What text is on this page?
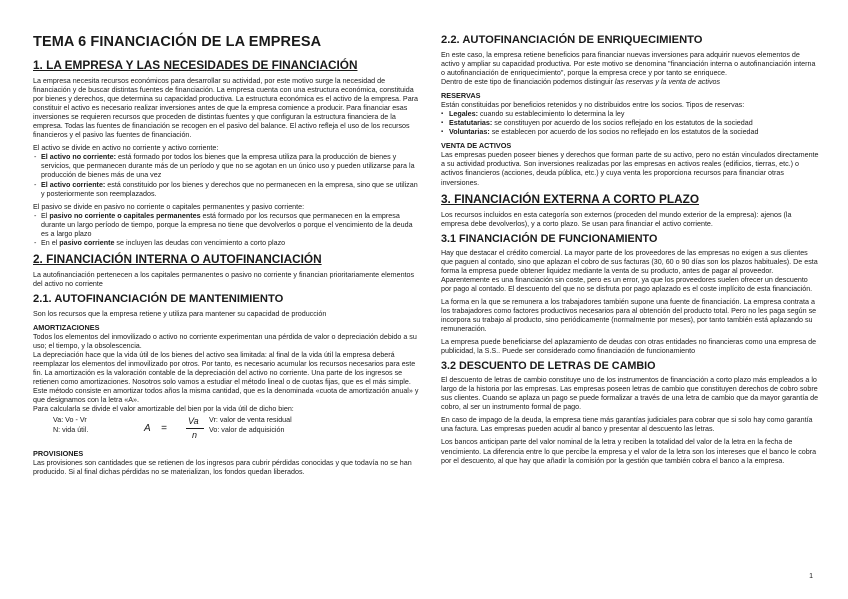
TEMA 6 FINANCIACIÓN DE LA EMPRESA
1. LA EMPRESA Y LAS NECESIDADES DE FINANCIACIÓN

La empresa necesita recursos económicos para desarrollar su actividad, por este motivo surge la necesidad de financiación y de buscar distintas fuentes de financiación. La empresa cuenta con una estructura económica, constituida por bienes y derechos, que determina su capacidad productiva. La estructura económica es el activo de la empresa. Para constituir el activo es necesario realizar inversiones antes de que la empresa comience a producir. Para financiar esas inversiones se requieren recursos que proceden de distintas fuentes y que configuran la estructura financiera de la empresa. Todas las fuentes de financiación se recogen en el pasivo del balance. El activo refleja el uso de los recursos financieros y el pasivo las fuentes de financiación.

El activo se divide en activo no corriente y activo corriente:

- El activo no corriente: está formado por todos los bienes que la empresa utiliza para la producción de bienes y servicios, que permanecen durante más de un período y que no se agotan en un único uso y pueden utilizarse para la producción de bienes más de una vez
- El activo corriente: está constituido por los bienes y derechos que no permanecen en la empresa, sino que se utilizan y posteriormente son reemplazados.

El pasivo se divide en pasivo no corriente o capitales permanentes y pasivo corriente:

- El pasivo no corriente o capitales permanentes está formado por los recursos que permanecen en la empresa durante un largo período de tiempo, porque la empresa no tiene que devolverlos o porque el vencimiento de la deuda es a largo plazo
- En el pasivo corriente se incluyen las deudas con vencimiento a corto plazo
2. FINANCIACIÓN INTERNA O AUTOFINANCIACIÓN

La autofinanciación pertenecen a los capitales permanentes o pasivo no corriente y financian prioritariamente elementos del activo no corriente

2.1. AUTOFINANCIACIÓN DE MANTENIMIENTO

Son los recursos que la empresa retiene y utiliza para mantener su capacidad de producción

AMORTIZACIONES

Todos los elementos del inmovilizado o activo no corriente experimentan una pérdida de valor o depreciación debido a su uso; el tiempo, y la obsolescencia.

La depreciación hace que la vida útil de los bienes del activo sea limitada: al final de la vida útil la empresa deberá reemplazar los elementos del inmovilizado por otros. Por tanto, es necesario acumular los recursos necesarios para este fin. La amortización es la valoración contable de la depreciación del activo no corriente. Una parte de los ingresos se retienen como amortizaciones. Nosotros solo vamos a estudiar el método lineal o de cuotas fijas, que es el más simple.

Este método consiste en amortizar todos años la misma cantidad, que es la denominada «cuota de amortización anual» y que designamos con la letra «A».

Para calcularla se divide el valor amortizable del bien por la vida útil de dicho bien:

Va: Vo - Vr
N: vida útil.	A =
Va
n
Vr: valor de venta residual
Vo: valor de adquisición
PROVISIONES

Las provisiones son cantidades que se retienen de los ingresos para cubrir pérdidas conocidas y que todavía no se han producido. Si al final dichas pérdidas no se materializan, los fondos quedan liberados.

2.2. AUTOFINANCIACIÓN DE ENRIQUECIMIENTO

En este caso, la empresa retiene beneficios para financiar nuevas inversiones para adquirir nuevos elementos de activo y ampliar su capacidad productiva. Por este motivo se denomina "financiación interna o autofinanciación interna o autofinanciación de enriquecimiento", porque la empresa crece y por tanto se enriquece.

Dentro de este tipo de financiación podemos distinguir las reservas y la venta de activos

RESERVAS

Están constituidas por beneficios retenidos y no distribuidos entre los socios. Tipos de reservas:

▪ Legales: cuando su establecimiento lo determina la ley
▪ Estatutarias: se constituyen por acuerdo de los socios reflejado en los estatutos de la sociedad
▪ Voluntarias: se establecen por acuerdo de los socios no reflejado en los estatutos de la sociedad
VENTA DE ACTIVOS

Las empresas pueden poseer bienes y derechos que forman parte de su activo, pero no están vinculados directamente a su actividad productiva. Son inversiones realizadas por las empresas en activos reales (edificios, tierras, etc.) o activos financieros (acciones, deuda pública, etc.) y cuya venta les proporciona recursos para financiar otras inversiones.

3. FINANCIACIÓN EXTERNA A CORTO PLAZO

Los recursos incluidos en esta categoría son externos (proceden del mundo exterior de la empresa): ajenos (la empresa debe devolverlos), y a corto plazo. Se usan para financiar el activo corriente.

3.1 FINANCIACIÓN DE FUNCIONAMIENTO

Hay que destacar el crédito comercial. La mayor parte de los proveedores de las empresas no exigen a sus clientes que paguen al contado, sino que aplazan el cobro de sus facturas (30, 60 o 90 días son los plazos habituales). De esta forma la empresa puede obtener liquidez mediante la venta de su producto, antes de pagar al proveedor. Aparentemente es una financiación sin coste, pero es un error, ya que los proveedores suelen ofrecer un descuento por pago al contado. El descuento del que no se disfruta por pago aplazado es el coste implícito de esta financiación.

La forma en la que se remunera a los trabajadores también supone una fuente de financiación. La empresa contrata a los trabajadores como factores productivos necesarios para al obtención del producto total. Pero no les paga según se incorpora su trabajo al producto, sino periódicamente (normalmente por meses), por tanto también está aplazando su remuneración.

La empresa puede beneficiarse del aplazamiento de deudas con otras entidades no financieras como una empresa de publicidad, la S.S.. Puede ser considerado como financiación de funcionamiento

3.2 DESCUENTO DE LETRAS DE CAMBIO

El descuento de letras de cambio constituye uno de los instrumentos de financiación a corto plazo más empleados a lo largo de la historia por las empresas. Las empresas poseen letras de cambio que constituyen derechos de cobro sobre sus clientes. Cuando se aplaza un pago se puede formalizar a través de una letra de cambio que da mayor garantía de cobro, al ser un instrumento formal de pago.

En caso de impago de la deuda, la empresa tiene más garantías judiciales para cobrar que si solo hay como garantía una factura. Las empresas pueden acudir al banco y presentar al descuento las letras.

Los bancos anticipan parte del valor nominal de la letra y reciben la totalidad del valor de la letra en la fecha de vencimiento. La diferencia entre lo que percibe la empresa y el valor de la letra son los intereses que el banco le cobra por el descuento, al que hay que añadir la comisión por la gestión que también cobra el banco a la empresa.

1
